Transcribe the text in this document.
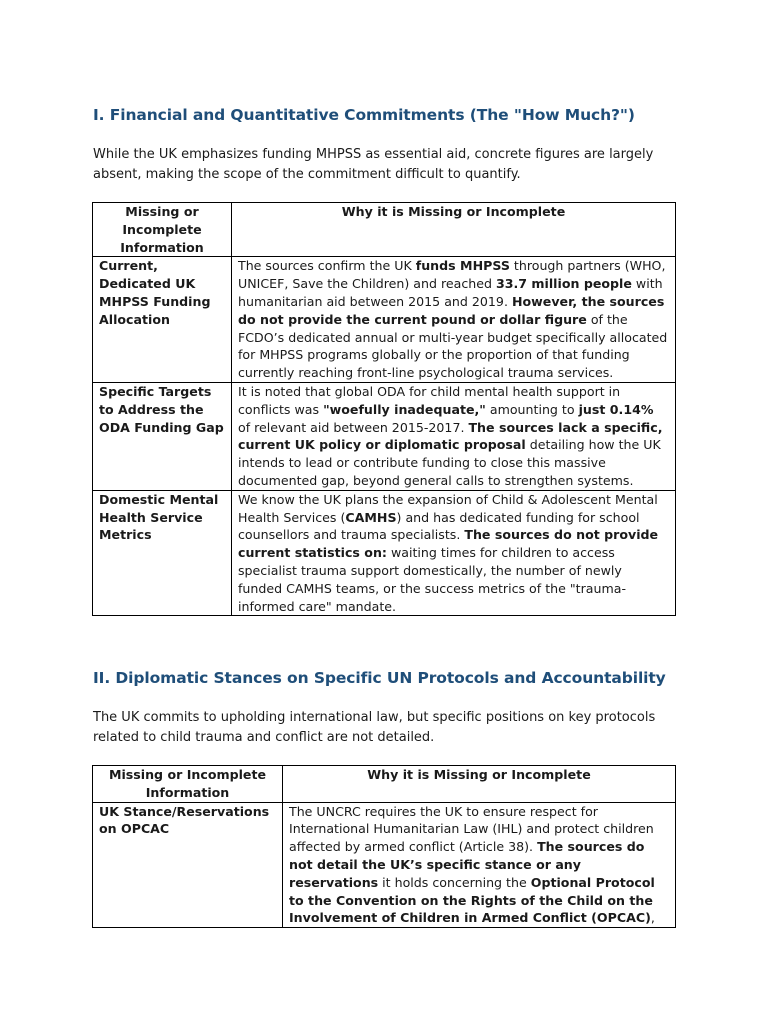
I. Financial and Quantitative Commitments (The "How Much?")

While the UK emphasizes funding MHPSS as essential aid, concrete figures are largely absent, making the scope of the commitment difficult to quantify.

Missing or Incomplete Information	Why it is Missing or Incomplete
Current, Dedicated UK MHPSS Funding Allocation	The sources confirm the UK funds MHPSS through partners (WHO, UNICEF, Save the Children) and reached 33.7 million people with humanitarian aid between 2015 and 2019. However, the sources do not provide the current pound or dollar figure of the FCDO’s dedicated annual or multi-year budget specifically allocated for MHPSS programs globally or the proportion of that funding currently reaching front-line psychological trauma services.
Specific Targets to Address the ODA Funding Gap	It is noted that global ODA for child mental health support in conflicts was "woefully inadequate," amounting to just 0.14% of relevant aid between 2015-2017. The sources lack a specific, current UK policy or diplomatic proposal detailing how the UK intends to lead or contribute funding to close this massive documented gap, beyond general calls to strengthen systems.
Domestic Mental Health Service Metrics	We know the UK plans the expansion of Child & Adolescent Mental Health Services (CAMHS) and has dedicated funding for school counsellors and trauma specialists. The sources do not provide current statistics on: waiting times for children to access specialist trauma support domestically, the number of newly funded CAMHS teams, or the success metrics of the "trauma-informed care" mandate.
II. Diplomatic Stances on Specific UN Protocols and Accountability

The UK commits to upholding international law, but specific positions on key protocols related to child trauma and conflict are not detailed.

Missing or Incomplete Information	Why it is Missing or Incomplete
UK Stance/Reservations on OPCAC	The UNCRC requires the UK to ensure respect for International Humanitarian Law (IHL) and protect children affected by armed conflict (Article 38). The sources do not detail the UK’s specific stance or any reservations it holds concerning the Optional Protocol to the Convention on the Rights of the Child on the Involvement of Children in Armed Conflict (OPCAC),
